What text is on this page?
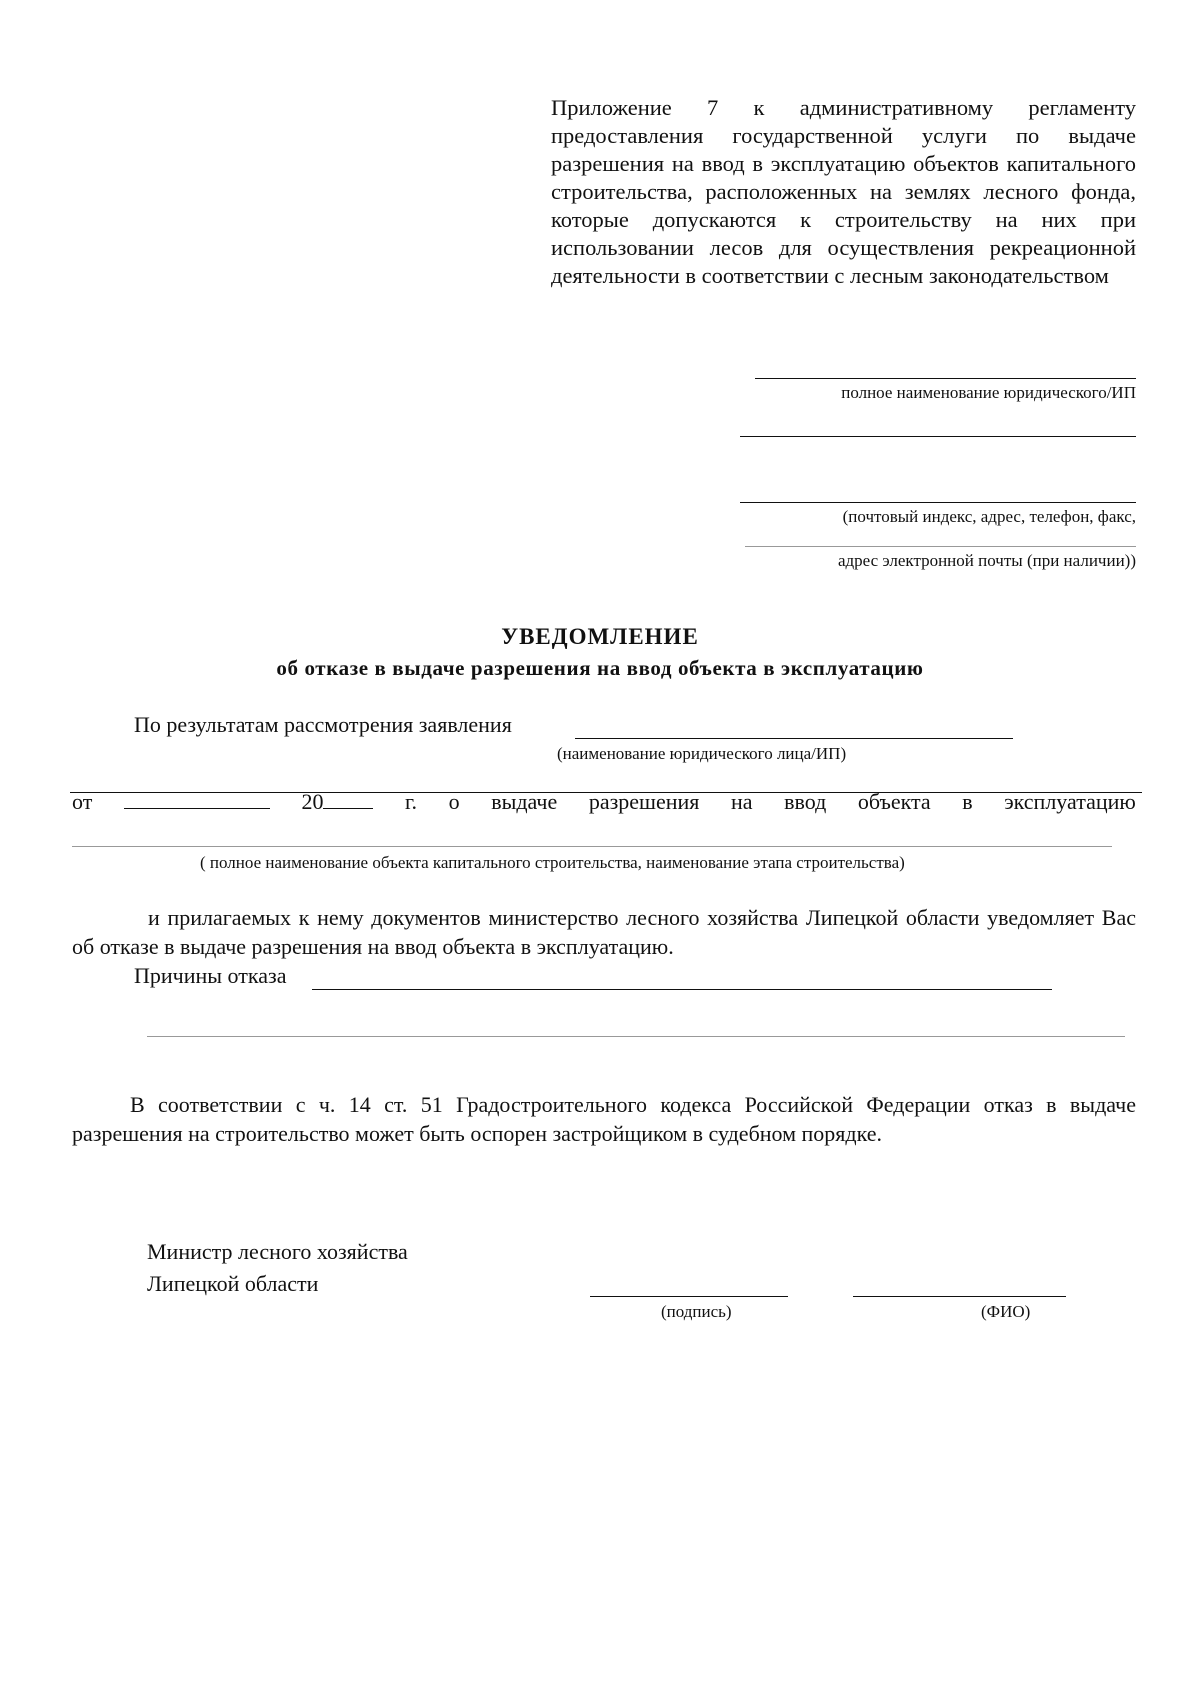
Приложение 7 к административному регламенту предоставления государственной услуги по выдаче разрешения на ввод в эксплуатацию объектов капитального строительства, расположенных на землях лесного фонда, которые допускаются к строительству на них при использовании лесов для осуществления рекреационной деятельности в соответствии с лесным законодательством
полное наименование юридического/ИП
(почтовый индекс, адрес, телефон, факс,
адрес электронной почты (при наличии))
УВЕДОМЛЕНИЕ
об отказе в выдаче разрешения на ввод объекта в эксплуатацию
По результатам рассмотрения заявления
(наименование юридического лица/ИП)
от	20	г. о выдаче разрешения на ввод объекта в эксплуатацию
( полное наименование объекта капитального строительства, наименование этапа строительства)
и прилагаемых к нему документов министерство лесного хозяйства Липецкой области уведомляет Вас об отказе в выдаче разрешения на ввод объекта в эксплуатацию.
Причины отказа
В соответствии с ч. 14 ст. 51 Градостроительного кодекса Российской Федерации отказ в выдаче разрешения на строительство может быть оспорен застройщиком в судебном порядке.
Министр лесного хозяйства
Липецкой области
(подпись)	(ФИО)
